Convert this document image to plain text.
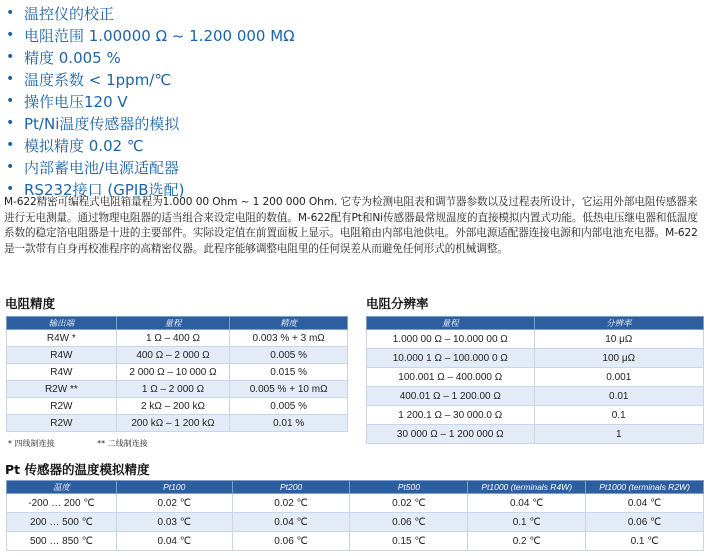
• 温控仪的校正
• 电阻范围 1.00000 Ω ~ 1.200 000 MΩ
• 精度 0.005 %
• 温度系数 < 1ppm/℃
• 操作电压120 V
• Pt/Ni温度传感器的模拟
• 模拟精度 0.02 ℃
• 内部蓄电池/电源适配器
• RS232接口 (GPIB选配)
M-622精密可编程式电阻箱量程为1.000 00 Ohm ~ 1 200 000 Ohm. 它专为检测电阻表和调节器参数以及过程表所设计，它运用外部电阻传感器来进行无电测量。通过物理电阻器的适当组合来设定电阻的数值。M-622配有Pt和Ni传感器最常规温度的直接模拟内置式功能。低热电压继电器和低温度系数的稳定箔电阻器是十进的主要部件。实际设定值在前置面板上显示。电阻箱由内部电池供电。外部电源适配器连接电源和内部电池充电器。M-622是一款带有自身再校准程序的高精密仪器。此程序能够调整电阻里的任何误差从而避免任何形式的机械调整。
电阻精度
输出端	量程	精度
R4W *	1 Ω – 400 Ω	0.003 % + 3 mΩ
R4W	400 Ω – 2 000 Ω	0.005 %
R4W	2 000 Ω – 10 000 Ω	0.015 %
R2W **	1 Ω – 2 000 Ω	0.005 % + 10 mΩ
R2W	2 kΩ – 200 kΩ	0.005 %
R2W	200 kΩ – 1 200 kΩ	0.01 %
* 四线制连接	** 二线制连接
电阻分辨率
量程	分辨率
1.000 00 Ω – 10.000 00 Ω	10 μΩ
10.000 1 Ω – 100.000 0 Ω	100 μΩ
100.001 Ω – 400.000 Ω	0.001
400.01 Ω – 1 200.00 Ω	0.01
1 200.1 Ω – 30 000.0 Ω	0.1
30 000 Ω – 1 200 000 Ω	1
Pt 传感器的温度模拟精度
温度	Pt100	Pt200	Pt500	Pt1000 (terminals R4W)	Pt1000 (terminals R2W)
-200 … 200 ℃	0.02 ℃	0.02 ℃	0.02 ℃	0.04 ℃	0.04 ℃
200 … 500 ℃	0.03 ℃	0.04 ℃	0.06 ℃	0.1 ℃	0.06 ℃
500 … 850 ℃	0.04 ℃	0.06 ℃	0.15 ℃	0.2 ℃	0.1 ℃
